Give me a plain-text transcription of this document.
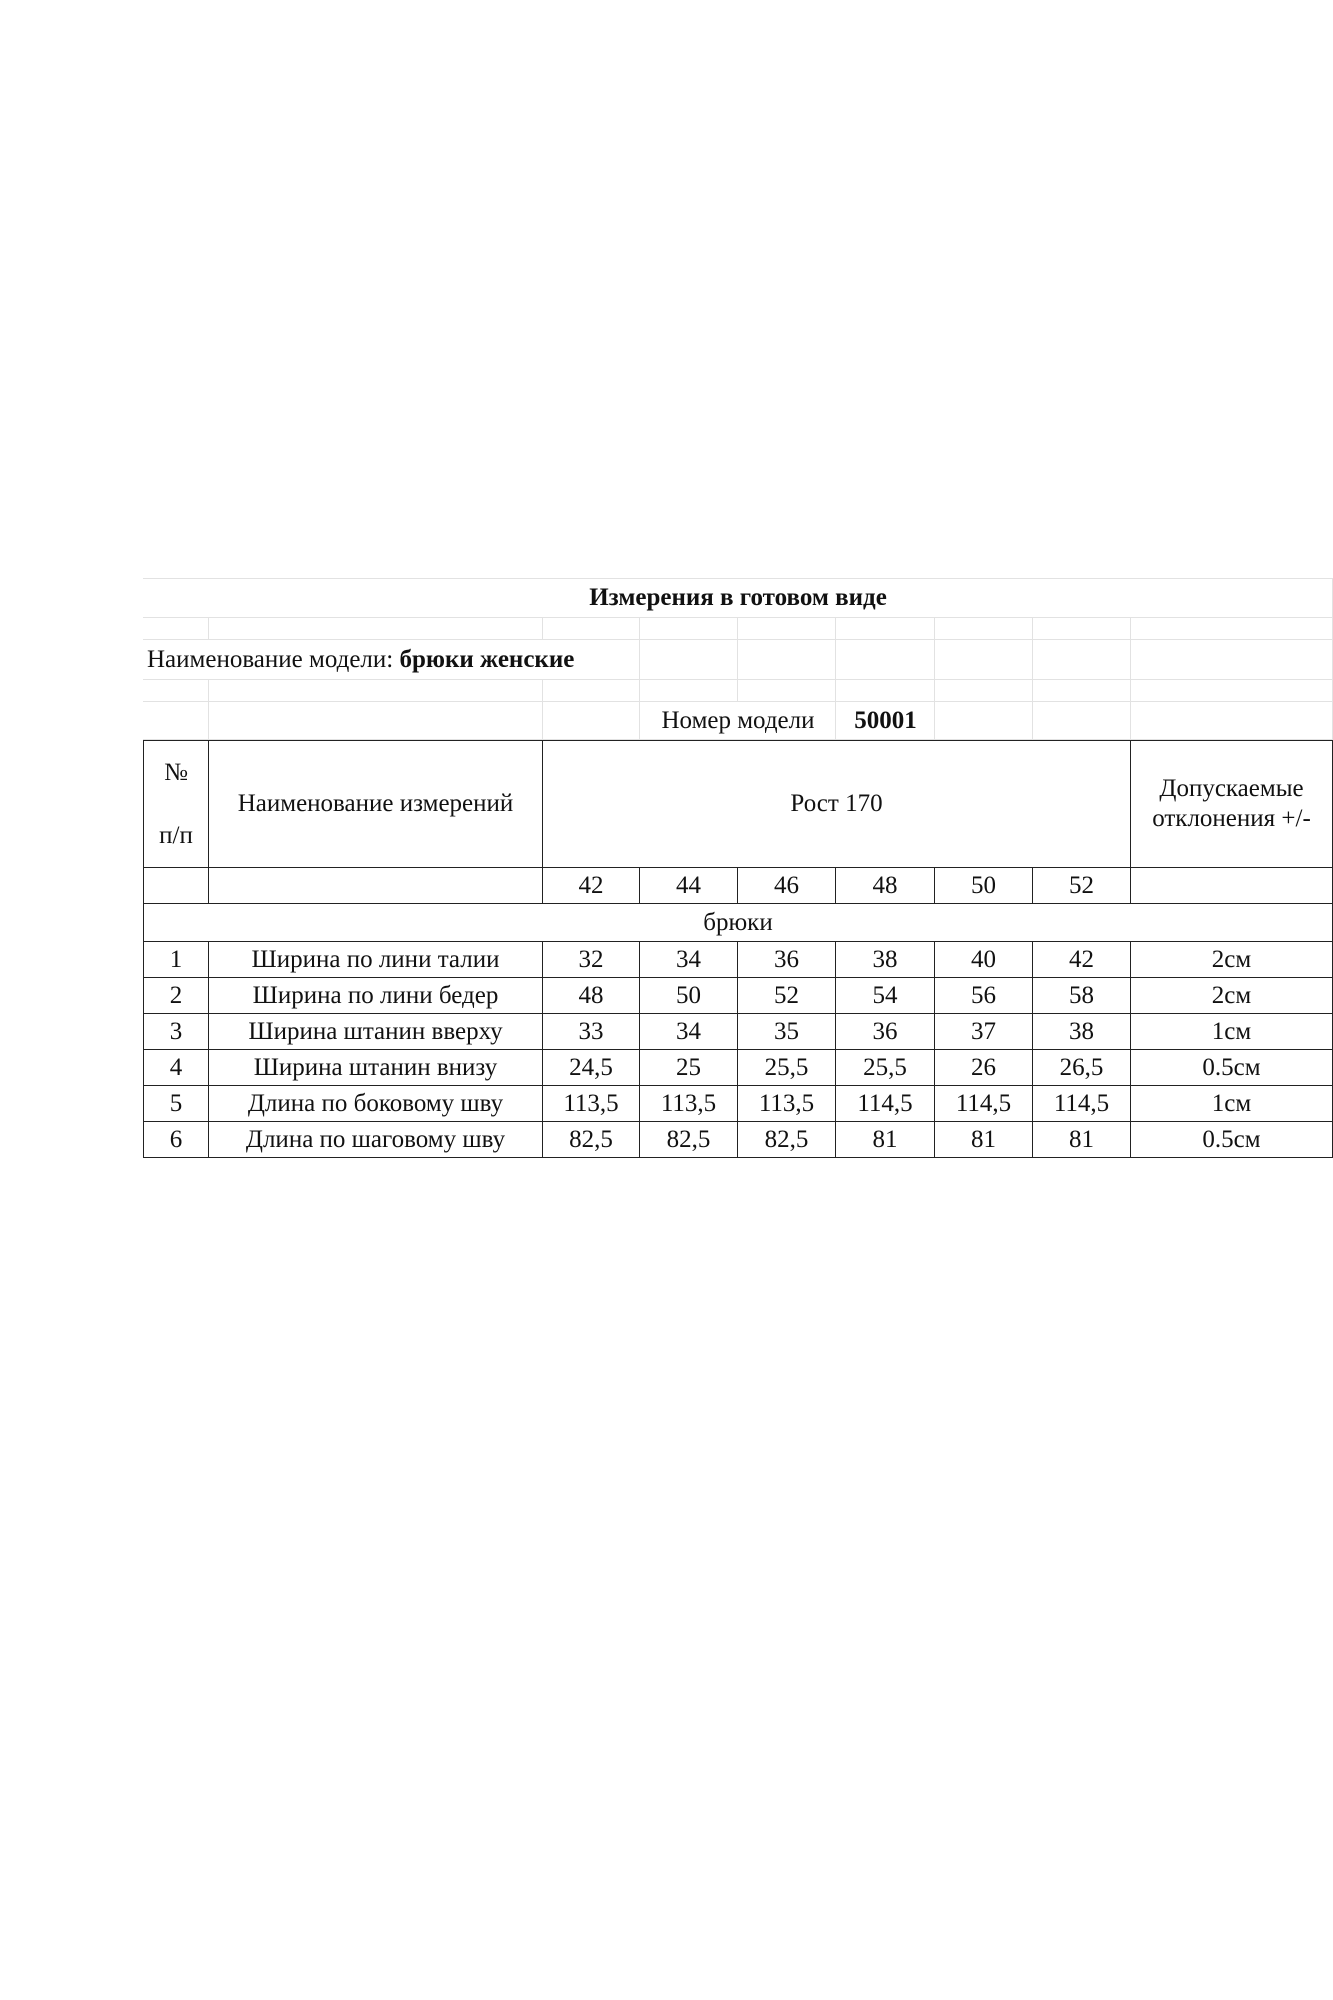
Измерения в готовом виде
Наименование модели:
брюки женские
Номер модели	50001
№
п/п
Наименование измерений	Рост 170
Допускаемые
отклонения +/-
42	44	46	48	50	52
брюки
1	Ширина по лини талии	32	34	36	38	40	42	2см
2	Ширина по лини бедер	48	50	52	54	56	58	2см
3	Ширина штанин вверху	33	34	35	36	37	38	1см
4	Ширина штанин внизу	24,5	25	25,5	25,5	26	26,5	0.5см
5	Длина по боковому шву	113,5	113,5	113,5	114,5	114,5	114,5	1см
6	Длина по шаговому шву	82,5	82,5	82,5	81	81	81	0.5см
